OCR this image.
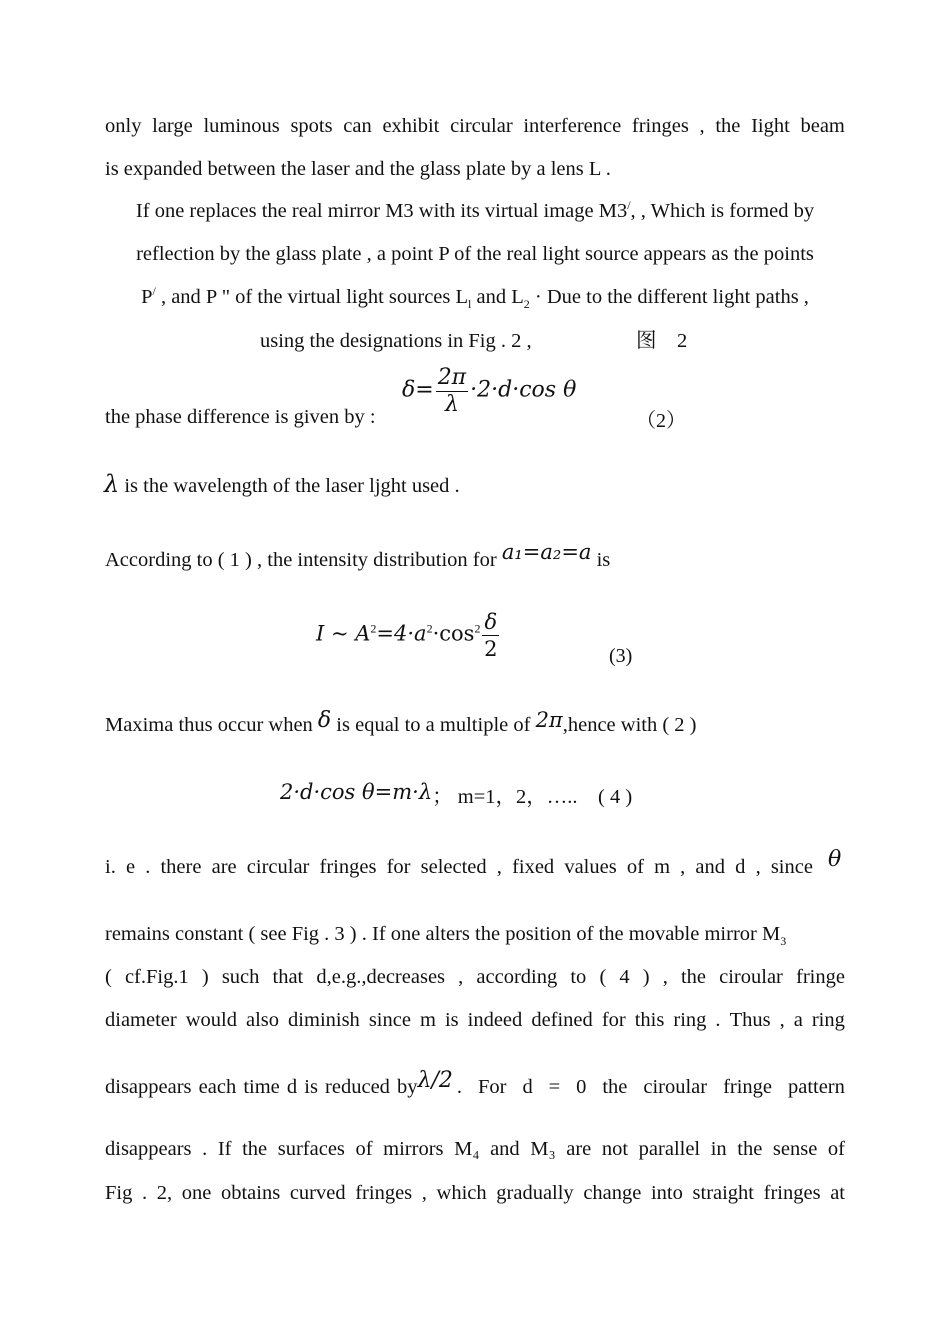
only large luminous spots can exhibit circular interference fringes , the Iight beam
is expanded between the laser and the glass plate by a lens L .
If one replaces the real mirror M3 with its virtual image M3/, , Which is formed by
reflection by the glass plate , a point P of the real light source appears as the points
P/ , and P " of the virtual light sources $L_l$ and $L_2$ · Due to the different light paths ,
using the designations in Fig . 2 ,	图　2
$\delta= \frac{2\pi}{\lambda} \cdot 2\cdot d\cdot\cos$ θ
the phase difference is given by :	（2）
λ is the wavelength of the laser ljght used .
According to ( 1 ) , the intensity distribution for a₁=a₂=a is
I ~ $A^2=4\cdot a^2\cdot\cos^2 \frac{\delta}{2}$	(3)
Maxima thus occur when δ is equal to a multiple of 2π,hence with ( 2 )
2·d·cos θ=m·λ； m=1，2，…..　( 4 )
i. e . there are circular fringes for selected , fixed values of m , and d , since θ
remains constant ( see Fig . 3 ) . If one alters the position of the movable mirror $M_3$
( cf.Fig.1 ) such that d,e.g.,decreases , according to ( 4 ) , the ciroular fringe
diameter would also diminish since m is indeed defined for this ring . Thus , a ring
disappears each time d is reduced by λ/2 . For d = 0 the ciroular fringe pattern
disappears . If the surfaces of mirrors M₄ and M₃ are not parallel in the sense of
Fig . 2, one obtains curved fringes , which gradually change into straight fringes at
